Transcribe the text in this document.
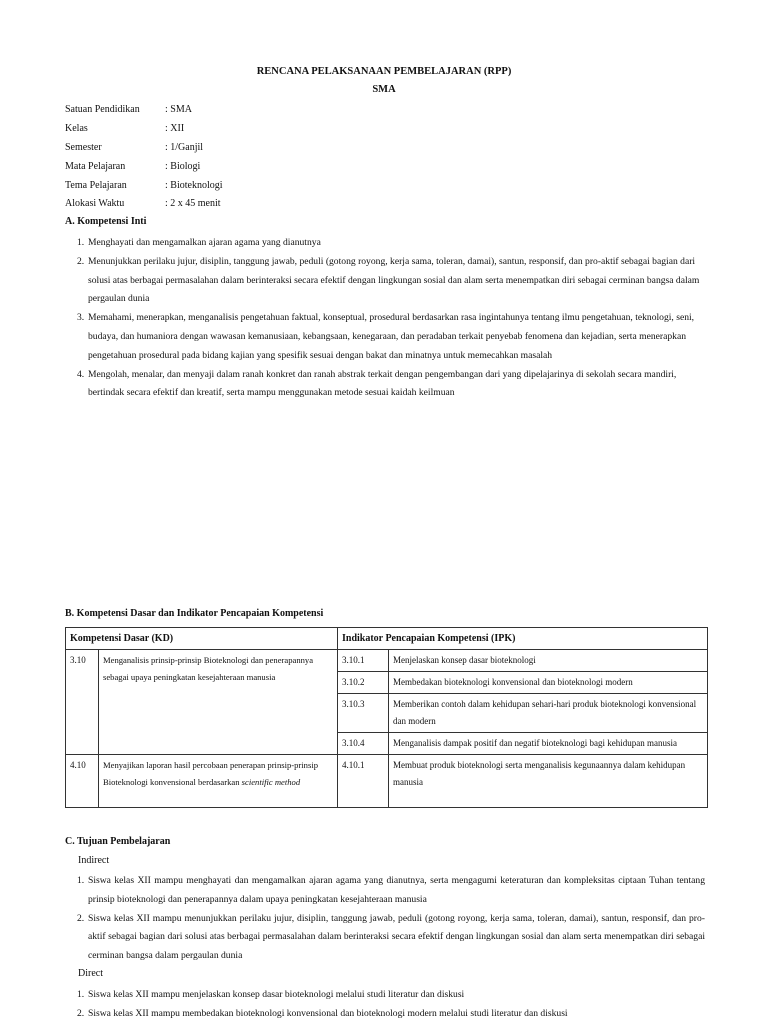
RENCANA PELAKSANAAN PEMBELAJARAN (RPP)
SMA
Satuan Pendidikan	: SMA
Kelas	: XII
Semester	: 1/Ganjil
Mata Pelajaran	: Biologi
Tema Pelajaran	: Bioteknologi
Alokasi Waktu	: 2 x 45 menit
A. Kompetensi Inti
1. Menghayati dan mengamalkan ajaran agama yang dianutnya
2. Menunjukkan perilaku jujur, disiplin, tanggung jawab, peduli (gotong royong, kerja sama, toleran, damai), santun, responsif, dan pro-aktif sebagai bagian dari solusi atas berbagai permasalahan dalam berinteraksi secara efektif dengan lingkungan sosial dan alam serta menempatkan diri sebagai cerminan bangsa dalam pergaulan dunia
3. Memahami, menerapkan, menganalisis pengetahuan faktual, konseptual, prosedural berdasarkan rasa ingintahunya tentang ilmu pengetahuan, teknologi, seni, budaya, dan humaniora dengan wawasan kemanusiaan, kebangsaan, kenegaraan, dan peradaban terkait penyebab fenomena dan kejadian, serta menerapkan pengetahuan prosedural pada bidang kajian yang spesifik sesuai dengan bakat dan minatnya untuk memecahkan masalah
4. Mengolah, menalar, dan menyaji dalam ranah konkret dan ranah abstrak terkait dengan pengembangan dari yang dipelajarinya di sekolah secara mandiri, bertindak secara efektif dan kreatif, serta mampu menggunakan metode sesuai kaidah keilmuan
B. Kompetensi Dasar dan Indikator Pencapaian Kompetensi
Kompetensi Dasar (KD)		Indikator Pencapaian Kompetensi (IPK)	
3.10	Menganalisis prinsip-prinsip Bioteknologi dan penerapannya sebagai upaya peningkatan kesejahteraan manusia	3.10.1	Menjelaskan konsep dasar bioteknologi
		3.10.2	Membedakan bioteknologi konvensional dan bioteknologi modern
		3.10.3	Memberikan contoh dalam kehidupan sehari-hari produk bioteknologi konvensional dan modern
		3.10.4	Menganalisis dampak positif dan negatif bioteknologi bagi kehidupan manusia
4.10	Menyajikan laporan hasil percobaan penerapan prinsip-prinsip Bioteknologi konvensional berdasarkan scientific method	4.10.1	Membuat produk bioteknologi serta menganalisis kegunaannya dalam kehidupan manusia
C. Tujuan Pembelajaran
Indirect
1. Siswa kelas XII mampu menghayati dan mengamalkan ajaran agama yang dianutnya, serta mengagumi keteraturan dan kompleksitas ciptaan Tuhan tentang prinsip bioteknologi dan penerapannya dalam upaya peningkatan kesejahteraan manusia
2. Siswa kelas XII mampu menunjukkan perilaku jujur, disiplin, tanggung jawab, peduli (gotong royong, kerja sama, toleran, damai), santun, responsif, dan pro-aktif sebagai bagian dari solusi atas berbagai permasalahan dalam berinteraksi secara efektif dengan lingkungan sosial dan alam serta menempatkan diri sebagai cerminan bangsa dalam pergaulan dunia
Direct
1. Siswa kelas XII mampu menjelaskan konsep dasar bioteknologi melalui studi literatur dan diskusi
2. Siswa kelas XII mampu membedakan bioteknologi konvensional dan bioteknologi modern melalui studi literatur dan diskusi
